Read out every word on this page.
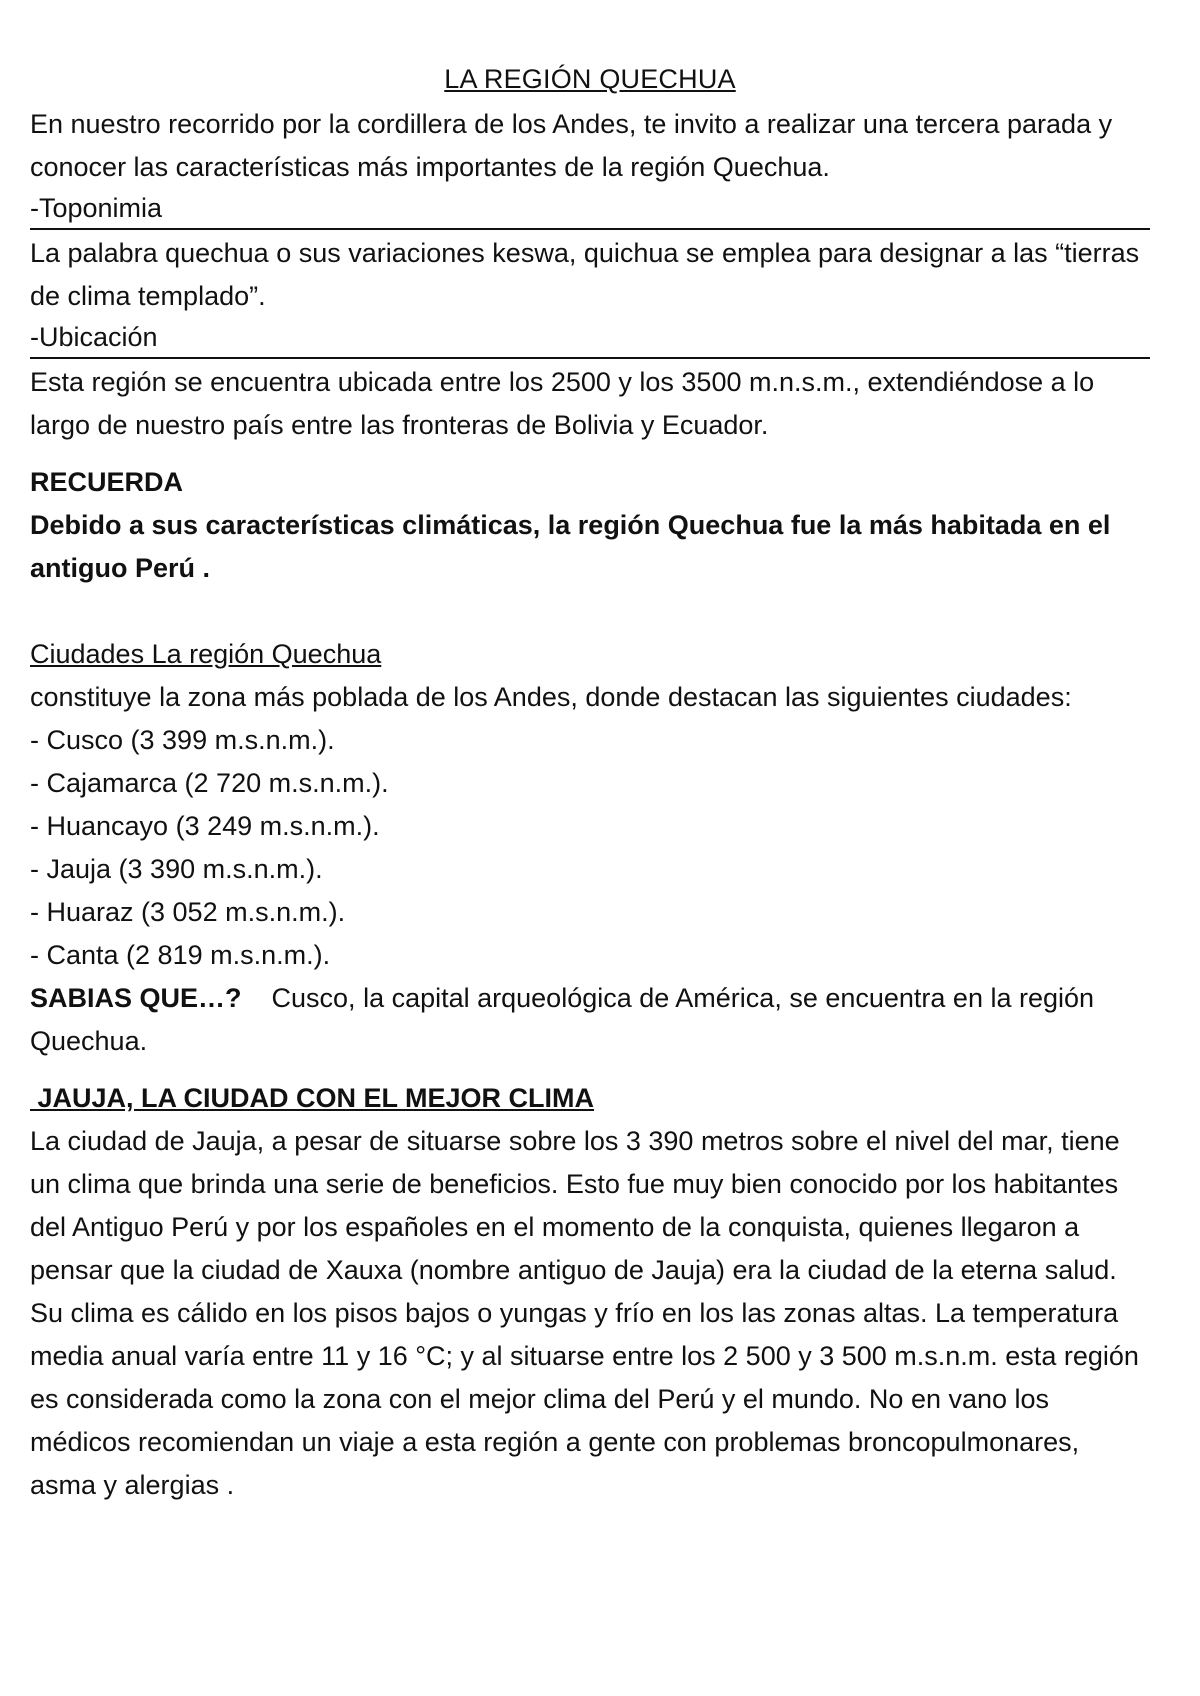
LA REGIÓN QUECHUA

En nuestro recorrido por la cordillera de los Andes, te invito a realizar una tercera parada y conocer las características más importantes de la región Quechua.

-Toponimia

La palabra quechua o sus variaciones keswa, quichua se emplea para designar a las “tierras de clima templado”.

-Ubicación

Esta región se encuentra ubicada entre los 2500 y los 3500 m.n.s.m., extendiéndose a lo largo de nuestro país entre las fronteras de Bolivia y Ecuador.

RECUERDA

Debido a sus características climáticas, la región Quechua fue la más habitada en el antiguo Perú .

Ciudades La región Quechua

constituye la zona más poblada de los Andes, donde destacan las siguientes ciudades:

- Cusco (3 399 m.s.n.m.).
- Cajamarca (2 720 m.s.n.m.).
- Huancayo (3 249 m.s.n.m.).
- Jauja (3 390 m.s.n.m.).
- Huaraz (3 052 m.s.n.m.).
- Canta (2 819 m.s.n.m.).

SABIAS QUE…? Cusco, la capital arqueológica de América, se encuentra en la región Quechua.

JAUJA, LA CIUDAD CON EL MEJOR CLIMA

La ciudad de Jauja, a pesar de situarse sobre los 3 390 metros sobre el nivel del mar, tiene un clima que brinda una serie de beneficios. Esto fue muy bien conocido por los habitantes del Antiguo Perú y por los españoles en el momento de la conquista, quienes llegaron a pensar que la ciudad de Xauxa (nombre antiguo de Jauja) era la ciudad de la eterna salud. Su clima es cálido en los pisos bajos o yungas y frío en los las zonas altas. La temperatura media anual varía entre 11 y 16 °C; y al situarse entre los 2 500 y 3 500 m.s.n.m. esta región es considerada como la zona con el mejor clima del Perú y el mundo. No en vano los médicos recomiendan un viaje a esta región a gente con problemas broncopulmonares, asma y alergias .
